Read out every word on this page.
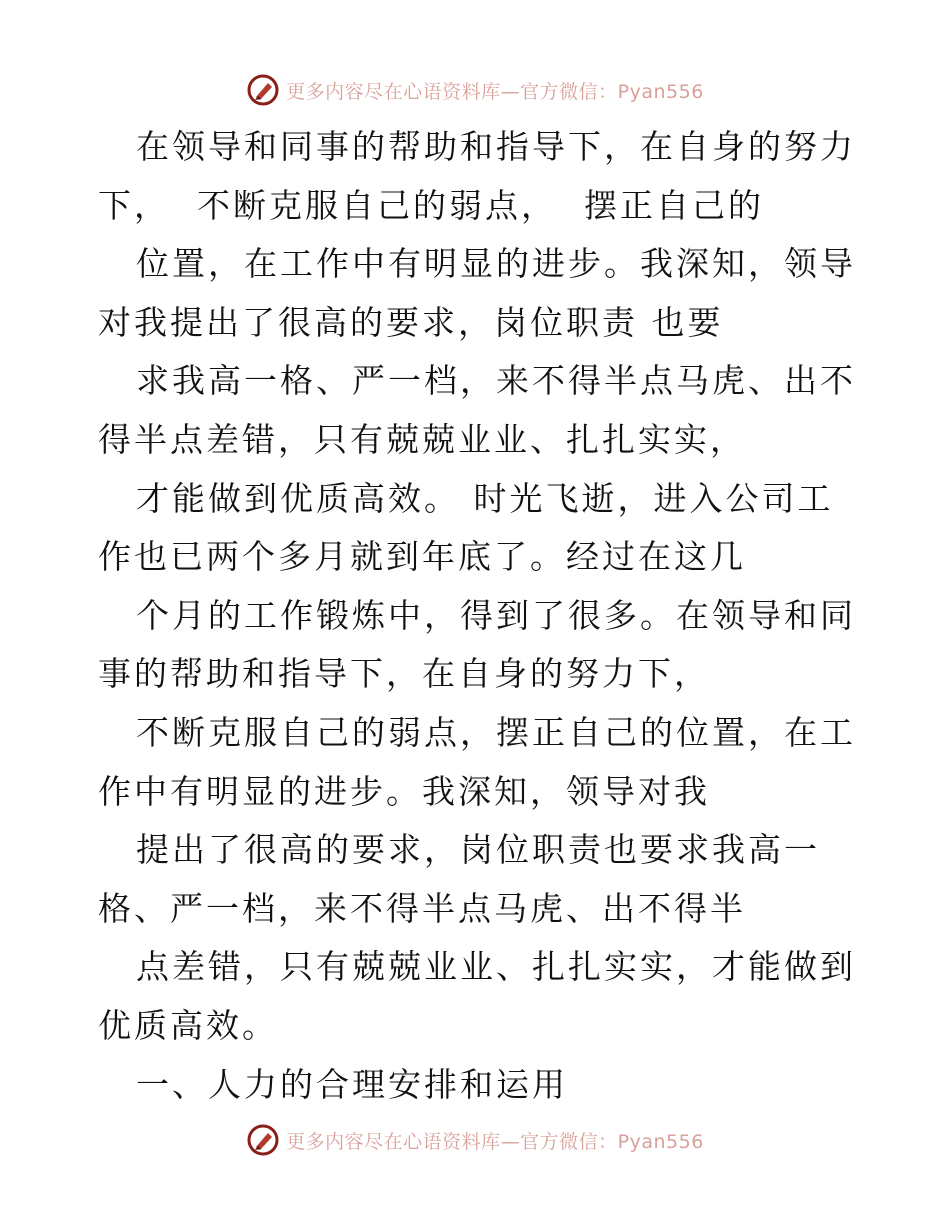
更多内容尽在心语资料库—官方微信：Pyan556

在领导和同事的帮助和指导下，在自身的努力下，  不断克服自己的弱点，  摆正自己的

位置，在工作中有明显的进步。我深知，领导对我提出了很高的要求，岗位职责 也要

求我高一格、严一档，来不得半点马虎、出不得半点差错，只有兢兢业业、扎扎实实，

才能做到优质高效。 时光飞逝，进入公司工作也已两个多月就到年底了。经过在这几

个月的工作锻炼中，得到了很多。在领导和同事的帮助和指导下，在自身的努力下，

不断克服自己的弱点，摆正自己的位置，在工作中有明显的进步。我深知，领导对我

提出了很高的要求，岗位职责也要求我高一格、严一档，来不得半点马虎、出不得半

点差错，只有兢兢业业、扎扎实实，才能做到优质高效。

一、人力的合理安排和运用

更多内容尽在心语资料库—官方微信：Pyan556
